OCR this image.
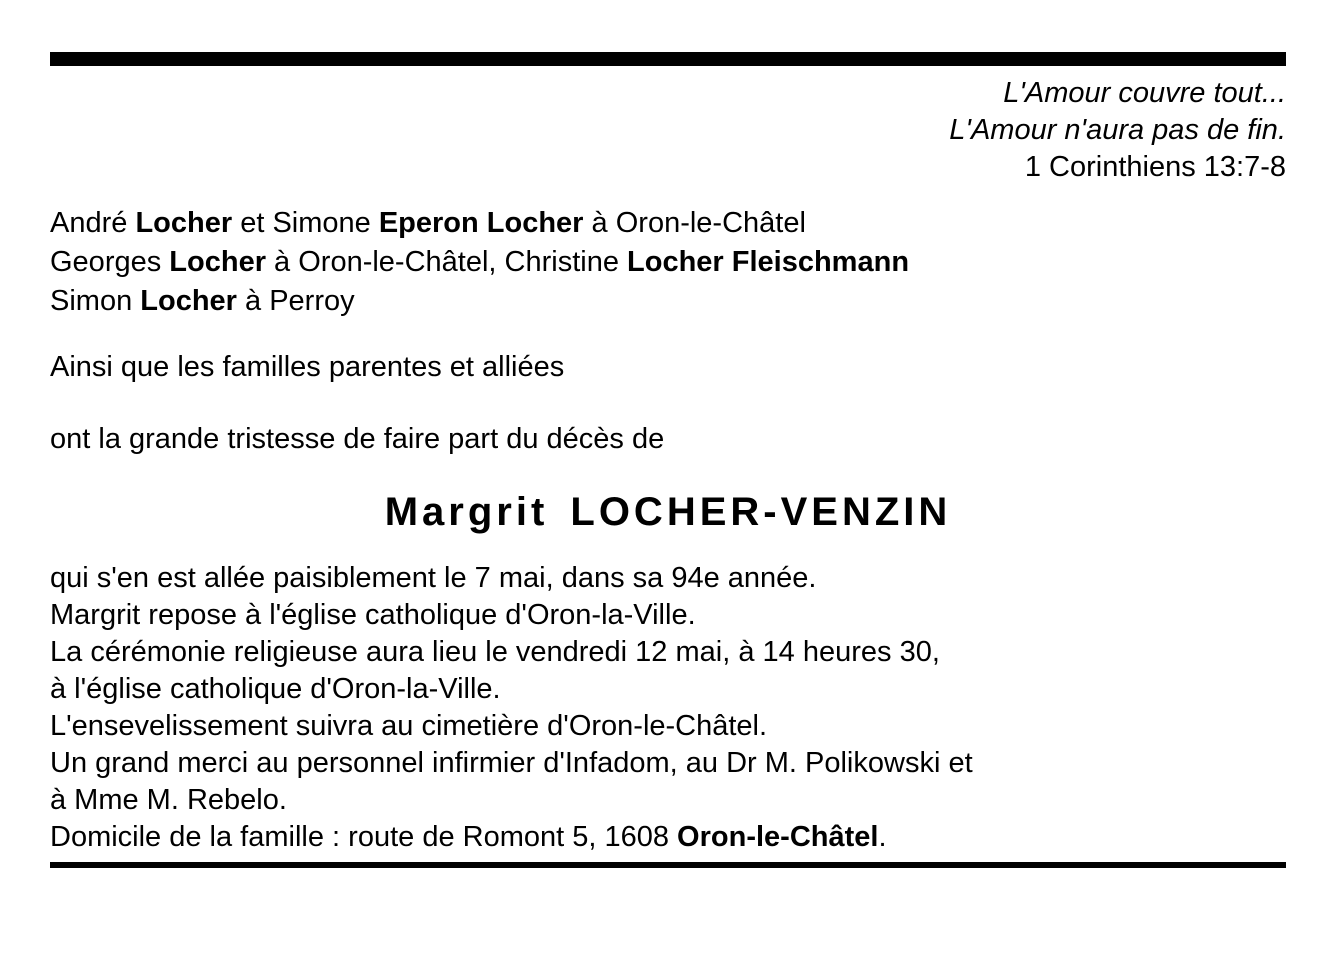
L'Amour couvre tout...
L'Amour n'aura pas de fin.
1 Corinthiens 13:7-8
André Locher et Simone Eperon Locher à Oron-le-Châtel
Georges Locher à Oron-le-Châtel, Christine Locher Fleischmann
Simon Locher à Perroy

Ainsi que les familles parentes et alliées

ont la grande tristesse de faire part du décès de

Margrit LOCHER-VENZIN
qui s'en est allée paisiblement le 7 mai, dans sa 94e année.
Margrit repose à l'église catholique d'Oron-la-Ville.
La cérémonie religieuse aura lieu le vendredi 12 mai, à 14 heures 30,
à l'église catholique d'Oron-la-Ville.
L'ensevelissement suivra au cimetière d'Oron-le-Châtel.
Un grand merci au personnel infirmier d'Infadom, au Dr M. Polikowski et
à Mme M. Rebelo.
Domicile de la famille : route de Romont 5, 1608 Oron-le-Châtel.
